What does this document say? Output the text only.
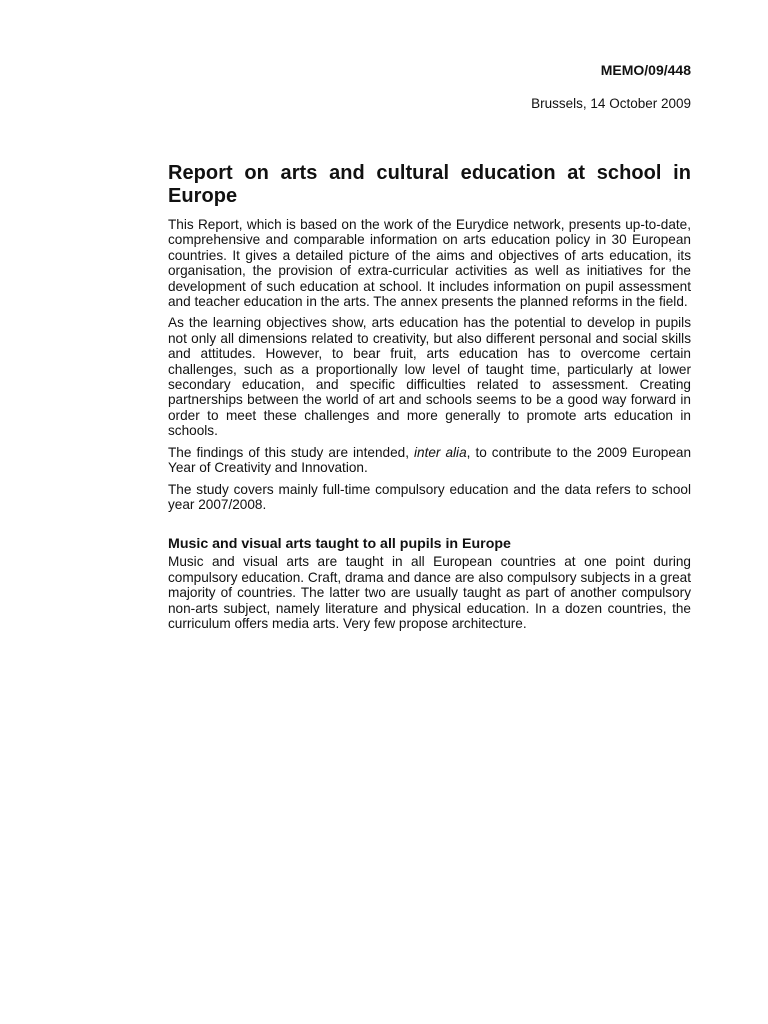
MEMO/09/448

Brussels, 14 October 2009

Report on arts and cultural education at school in Europe

This Report, which is based on the work of the Eurydice network, presents up-to-date, comprehensive and comparable information on arts education policy in 30 European countries. It gives a detailed picture of the aims and objectives of arts education, its organisation, the provision of extra-curricular activities as well as initiatives for the development of such education at school. It includes information on pupil assessment and teacher education in the arts. The annex presents the planned reforms in the field.

As the learning objectives show, arts education has the potential to develop in pupils not only all dimensions related to creativity, but also different personal and social skills and attitudes. However, to bear fruit, arts education has to overcome certain challenges, such as a proportionally low level of taught time, particularly at lower secondary education, and specific difficulties related to assessment. Creating partnerships between the world of art and schools seems to be a good way forward in order to meet these challenges and more generally to promote arts education in schools.

The findings of this study are intended, inter alia, to contribute to the 2009 European Year of Creativity and Innovation.

The study covers mainly full-time compulsory education and the data refers to school year 2007/2008.

Music and visual arts taught to all pupils in Europe

Music and visual arts are taught in all European countries at one point during compulsory education. Craft, drama and dance are also compulsory subjects in a great majority of countries. The latter two are usually taught as part of another compulsory non-arts subject, namely literature and physical education. In a dozen countries, the curriculum offers media arts. Very few propose architecture.
